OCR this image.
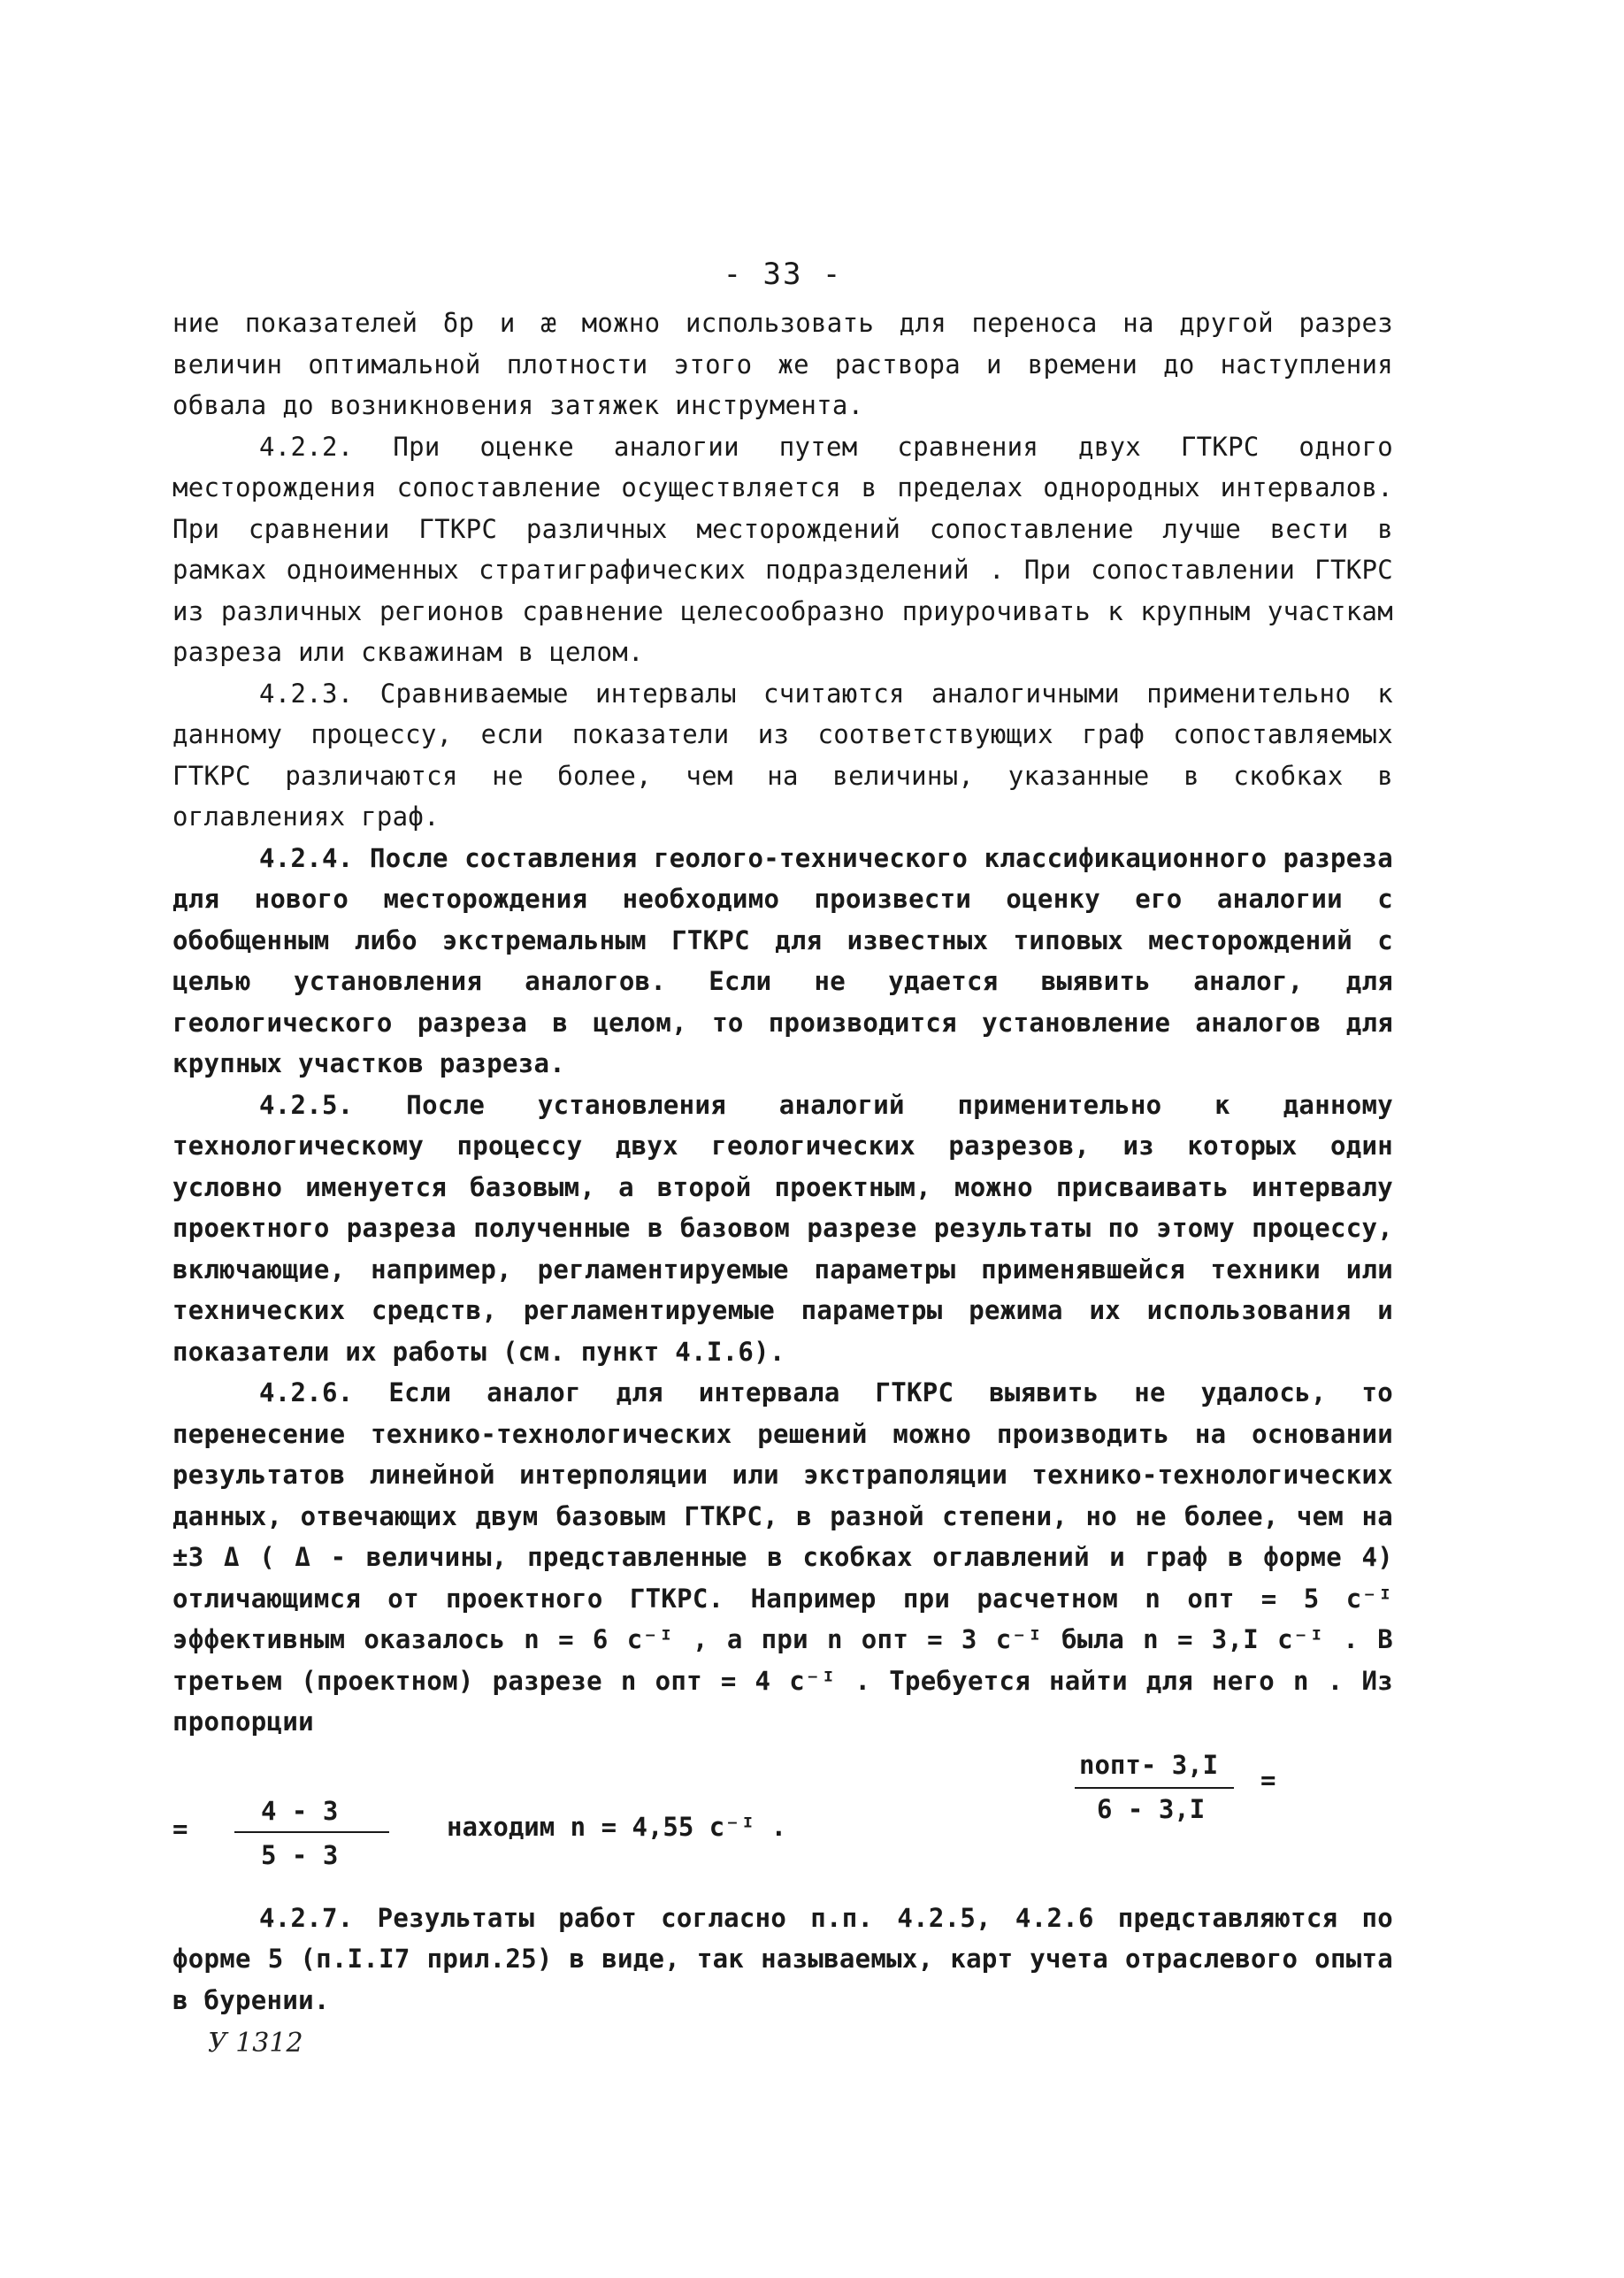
- 33 -

ние показателей δр и æ можно использовать для переноса на другой разрез величин оптимальной плотности этого же раствора и времени до наступления обвала до возникновения затяжек инструмента.

4.2.2. При оценке аналогии путем сравнения двух ГТКРС одного месторождения сопоставление осуществляется в пределах однородных интервалов. При сравнении ГТКРС различных месторождений сопоставление лучше вести в рамках одноименных стратиграфических подразделений . При сопоставлении ГТКРС из различных регионов сравнение целесообразно приурочивать к крупным участкам разреза или скважинам в целом.

4.2.3. Сравниваемые интервалы считаются аналогичными применительно к данному процессу, если показатели из соответствующих граф сопоставляемых ГТКРС различаются не более, чем на величины, указанные в скобках в оглавлениях граф.

4.2.4. После составления геолого-технического классификационного разреза для нового месторождения необходимо произвести оценку его аналогии с обобщенным либо экстремальным ГТКРС для известных типовых месторождений с целью установления аналогов. Если не удается выявить аналог, для геологического разреза в целом, то производится установление аналогов для крупных участков разреза.

4.2.5. После установления аналогий применительно к данному технологическому процессу двух геологических разрезов, из которых один условно именуется базовым, а второй проектным, можно присваивать интервалу проектного разреза полученные в базовом разрезе результаты по этому процессу, включающие, например, регламентируемые параметры применявшейся техники или технических средств, регламентируемые параметры режима их использования и показатели их работы (см. пункт 4.I.6).

4.2.6. Если аналог для интервала ГТКРС выявить не удалось, то перенесение технико-технологических решений можно производить на основании результатов линейной интерполяции или экстраполяции технико-технологических данных, отвечающих двум базовым ГТКРС, в разной степени, но не более, чем на ±3 Δ ( Δ - величины, представленные в скобках оглавлений и граф в форме 4) отличающимся от проектного ГТКРС. Например при расчетном n опт = 5 с⁻ᴵ эффективным оказалось n = 6 с⁻ᴵ , а при n опт = 3 с⁻ᴵ была n = 3,I с⁻ᴵ . В третьем (проектном) разрезе n опт = 4 с⁻ᴵ . Требуется найти для него n . Из пропорции

nопт- 3,I
6 - 3,I
=
=
4 - 3
5 - 3
находим n = 4,55 с⁻ᴵ .

4.2.7. Результаты работ согласно п.п. 4.2.5, 4.2.6 представляются по форме 5 (п.I.I7 прил.25) в виде, так называемых, карт учета отраслевого опыта в бурении.

У 1312
